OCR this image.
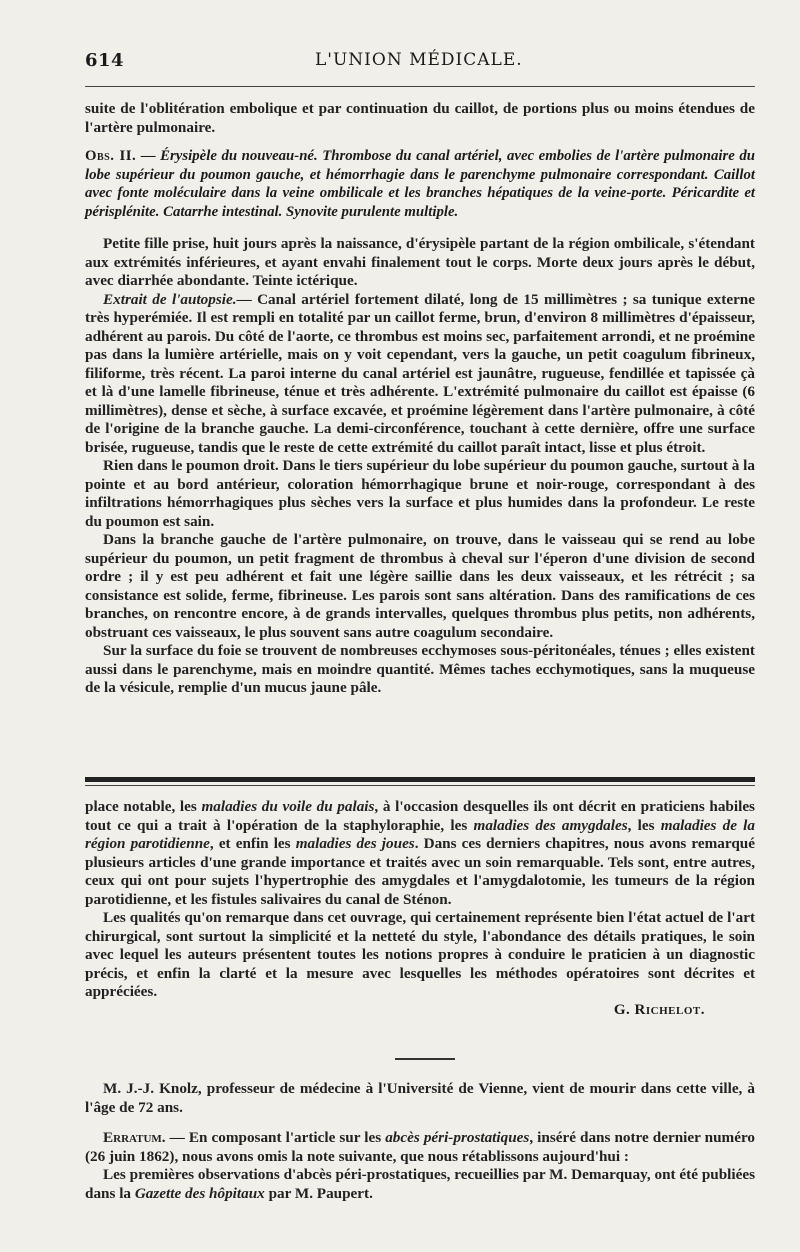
614	L'UNION MÉDICALE.

suite de l'oblitération embolique et par continuation du caillot, de portions plus ou moins étendues de l'artère pulmonaire.

Obs. II. — Érysipèle du nouveau-né. Thrombose du canal artériel, avec embolies de l'artère pulmonaire du lobe supérieur du poumon gauche, et hémorrhagie dans le parenchyme pulmonaire correspondant. Caillot avec fonte moléculaire dans la veine ombilicale et les branches hépatiques de la veine-porte. Péricardite et périsplénite. Catarrhe intestinal. Synovite purulente multiple.

Petite fille prise, huit jours après la naissance, d'érysipèle partant de la région ombilicale, s'étendant aux extrémités inférieures, et ayant envahi finalement tout le corps. Morte deux jours après le début, avec diarrhée abondante. Teinte ictérique.

Extrait de l'autopsie.— Canal artériel fortement dilaté, long de 15 millimètres ; sa tunique externe très hyperémiée. Il est rempli en totalité par un caillot ferme, brun, d'environ 8 millimètres d'épaisseur, adhérent au parois. Du côté de l'aorte, ce thrombus est moins sec, parfaitement arrondi, et ne proémine pas dans la lumière artérielle, mais on y voit cependant, vers la gauche, un petit coagulum fibrineux, filiforme, très récent. La paroi interne du canal artériel est jaunâtre, rugueuse, fendillée et tapissée çà et là d'une lamelle fibrineuse, ténue et très adhérente. L'extrémité pulmonaire du caillot est épaisse (6 millimètres), dense et sèche, à surface excavée, et proémine légèrement dans l'artère pulmonaire, à côté de l'origine de la branche gauche. La demi-circonférence, touchant à cette dernière, offre une surface brisée, rugueuse, tandis que le reste de cette extrémité du caillot paraît intact, lisse et plus étroit.

Rien dans le poumon droit. Dans le tiers supérieur du lobe supérieur du poumon gauche, surtout à la pointe et au bord antérieur, coloration hémorrhagique brune et noir-rouge, correspondant à des infiltrations hémorrhagiques plus sèches vers la surface et plus humides dans la profondeur. Le reste du poumon est sain.

Dans la branche gauche de l'artère pulmonaire, on trouve, dans le vaisseau qui se rend au lobe supérieur du poumon, un petit fragment de thrombus à cheval sur l'éperon d'une division de second ordre ; il y est peu adhérent et fait une légère saillie dans les deux vaisseaux, et les rétrécit ; sa consistance est solide, ferme, fibrineuse. Les parois sont sans altération. Dans des ramifications de ces branches, on rencontre encore, à de grands intervalles, quelques thrombus plus petits, non adhérents, obstruant ces vaisseaux, le plus souvent sans autre coagulum secondaire.

Sur la surface du foie se trouvent de nombreuses ecchymoses sous-péritonéales, ténues ; elles existent aussi dans le parenchyme, mais en moindre quantité. Mêmes taches ecchymotiques, sans la muqueuse de la vésicule, remplie d'un mucus jaune pâle.

place notable, les maladies du voile du palais, à l'occasion desquelles ils ont décrit en praticiens habiles tout ce qui a trait à l'opération de la staphyloraphie, les maladies des amygdales, les maladies de la région parotidienne, et enfin les maladies des joues. Dans ces derniers chapitres, nous avons remarqué plusieurs articles d'une grande importance et traités avec un soin remarquable. Tels sont, entre autres, ceux qui ont pour sujets l'hypertrophie des amygdales et l'amygdalotomie, les tumeurs de la région parotidienne, et les fistules salivaires du canal de Sténon.

Les qualités qu'on remarque dans cet ouvrage, qui certainement représente bien l'état actuel de l'art chirurgical, sont surtout la simplicité et la netteté du style, l'abondance des détails pratiques, le soin avec lequel les auteurs présentent toutes les notions propres à conduire le praticien à un diagnostic précis, et enfin la clarté et la mesure avec lesquelles les méthodes opératoires sont décrites et appréciées.

G. Richelot.

M. J.-J. Knolz, professeur de médecine à l'Université de Vienne, vient de mourir dans cette ville, à l'âge de 72 ans.

Erratum. — En composant l'article sur les abcès péri-prostatiques, inséré dans notre dernier numéro (26 juin 1862), nous avons omis la note suivante, que nous rétablissons aujourd'hui :

Les premières observations d'abcès péri-prostatiques, recueillies par M. Demarquay, ont été publiées dans la Gazette des hôpitaux par M. Paupert.
